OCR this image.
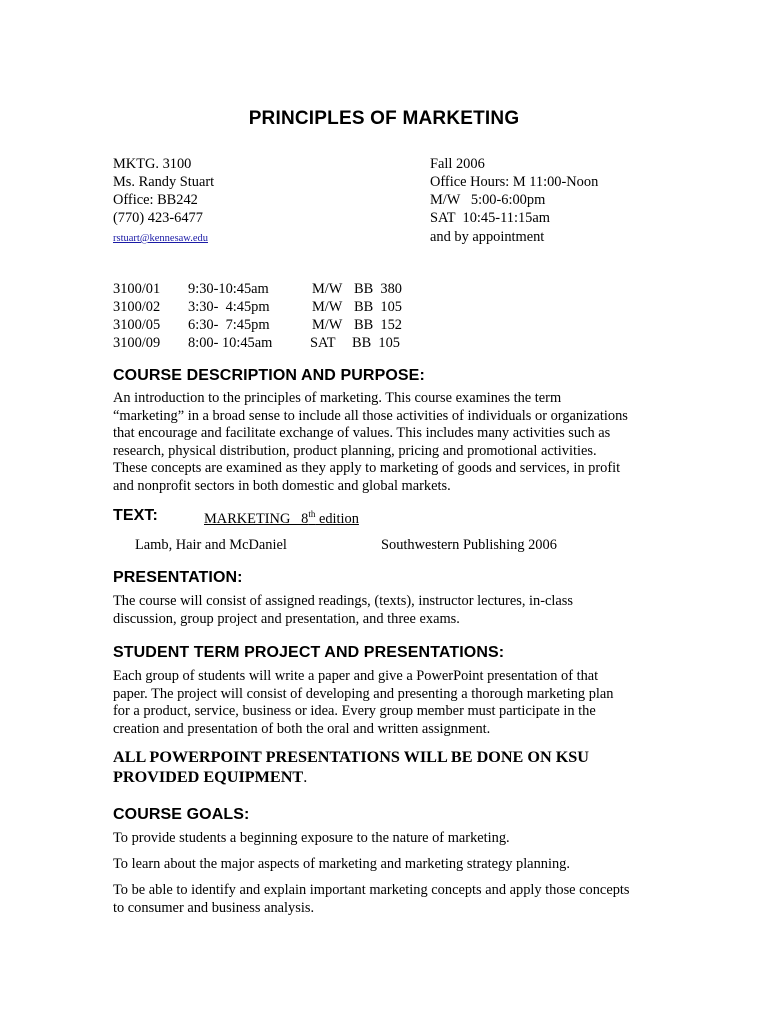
PRINCIPLES OF MARKETING
MKTG. 3100
Ms. Randy Stuart
Office: BB242
(770) 423-6477
rstuart@kennesaw.edu
Fall 2006
Office Hours: M 11:00-Noon
M/W   5:00-6:00pm
SAT  10:45-11:15am
and by appointment
3100/01 9:30-10:45am	M/W BB  380
3100/02 3:30-  4:45pm	M/W BB  105
3100/05 6:30-  7:45pm	M/W BB  152
3100/09 8:00- 10:45am	SAT BB  105
COURSE DESCRIPTION AND PURPOSE:

An introduction to the principles of marketing. This course examines the term
“marketing” in a broad sense to include all those activities of individuals or organizations
that encourage and facilitate exchange of values. This includes many activities such as
research, physical distribution, product planning, pricing and promotional activities.
These concepts are examined as they apply to marketing of goods and services, in profit
and nonprofit sectors in both domestic and global markets.

TEXT:	MARKETING   8th edition
Lamb, Hair and McDaniel	Southwestern Publishing 2006
PRESENTATION:

The course will consist of assigned readings, (texts), instructor lectures, in-class
discussion, group project and presentation, and three exams.

STUDENT TERM PROJECT AND PRESENTATIONS:

Each group of students will write a paper and give a PowerPoint presentation of that
paper. The project will consist of developing and presenting a thorough marketing plan
for a product, service, business or idea. Every group member must participate in the
creation and presentation of both the oral and written assignment.

ALL POWERPOINT PRESENTATIONS WILL BE DONE ON KSU
PROVIDED EQUIPMENT.
COURSE GOALS:
To provide students a beginning exposure to the nature of marketing.
To learn about the major aspects of marketing and marketing strategy planning.
To be able to identify and explain important marketing concepts and apply those concepts
to consumer and business analysis.
